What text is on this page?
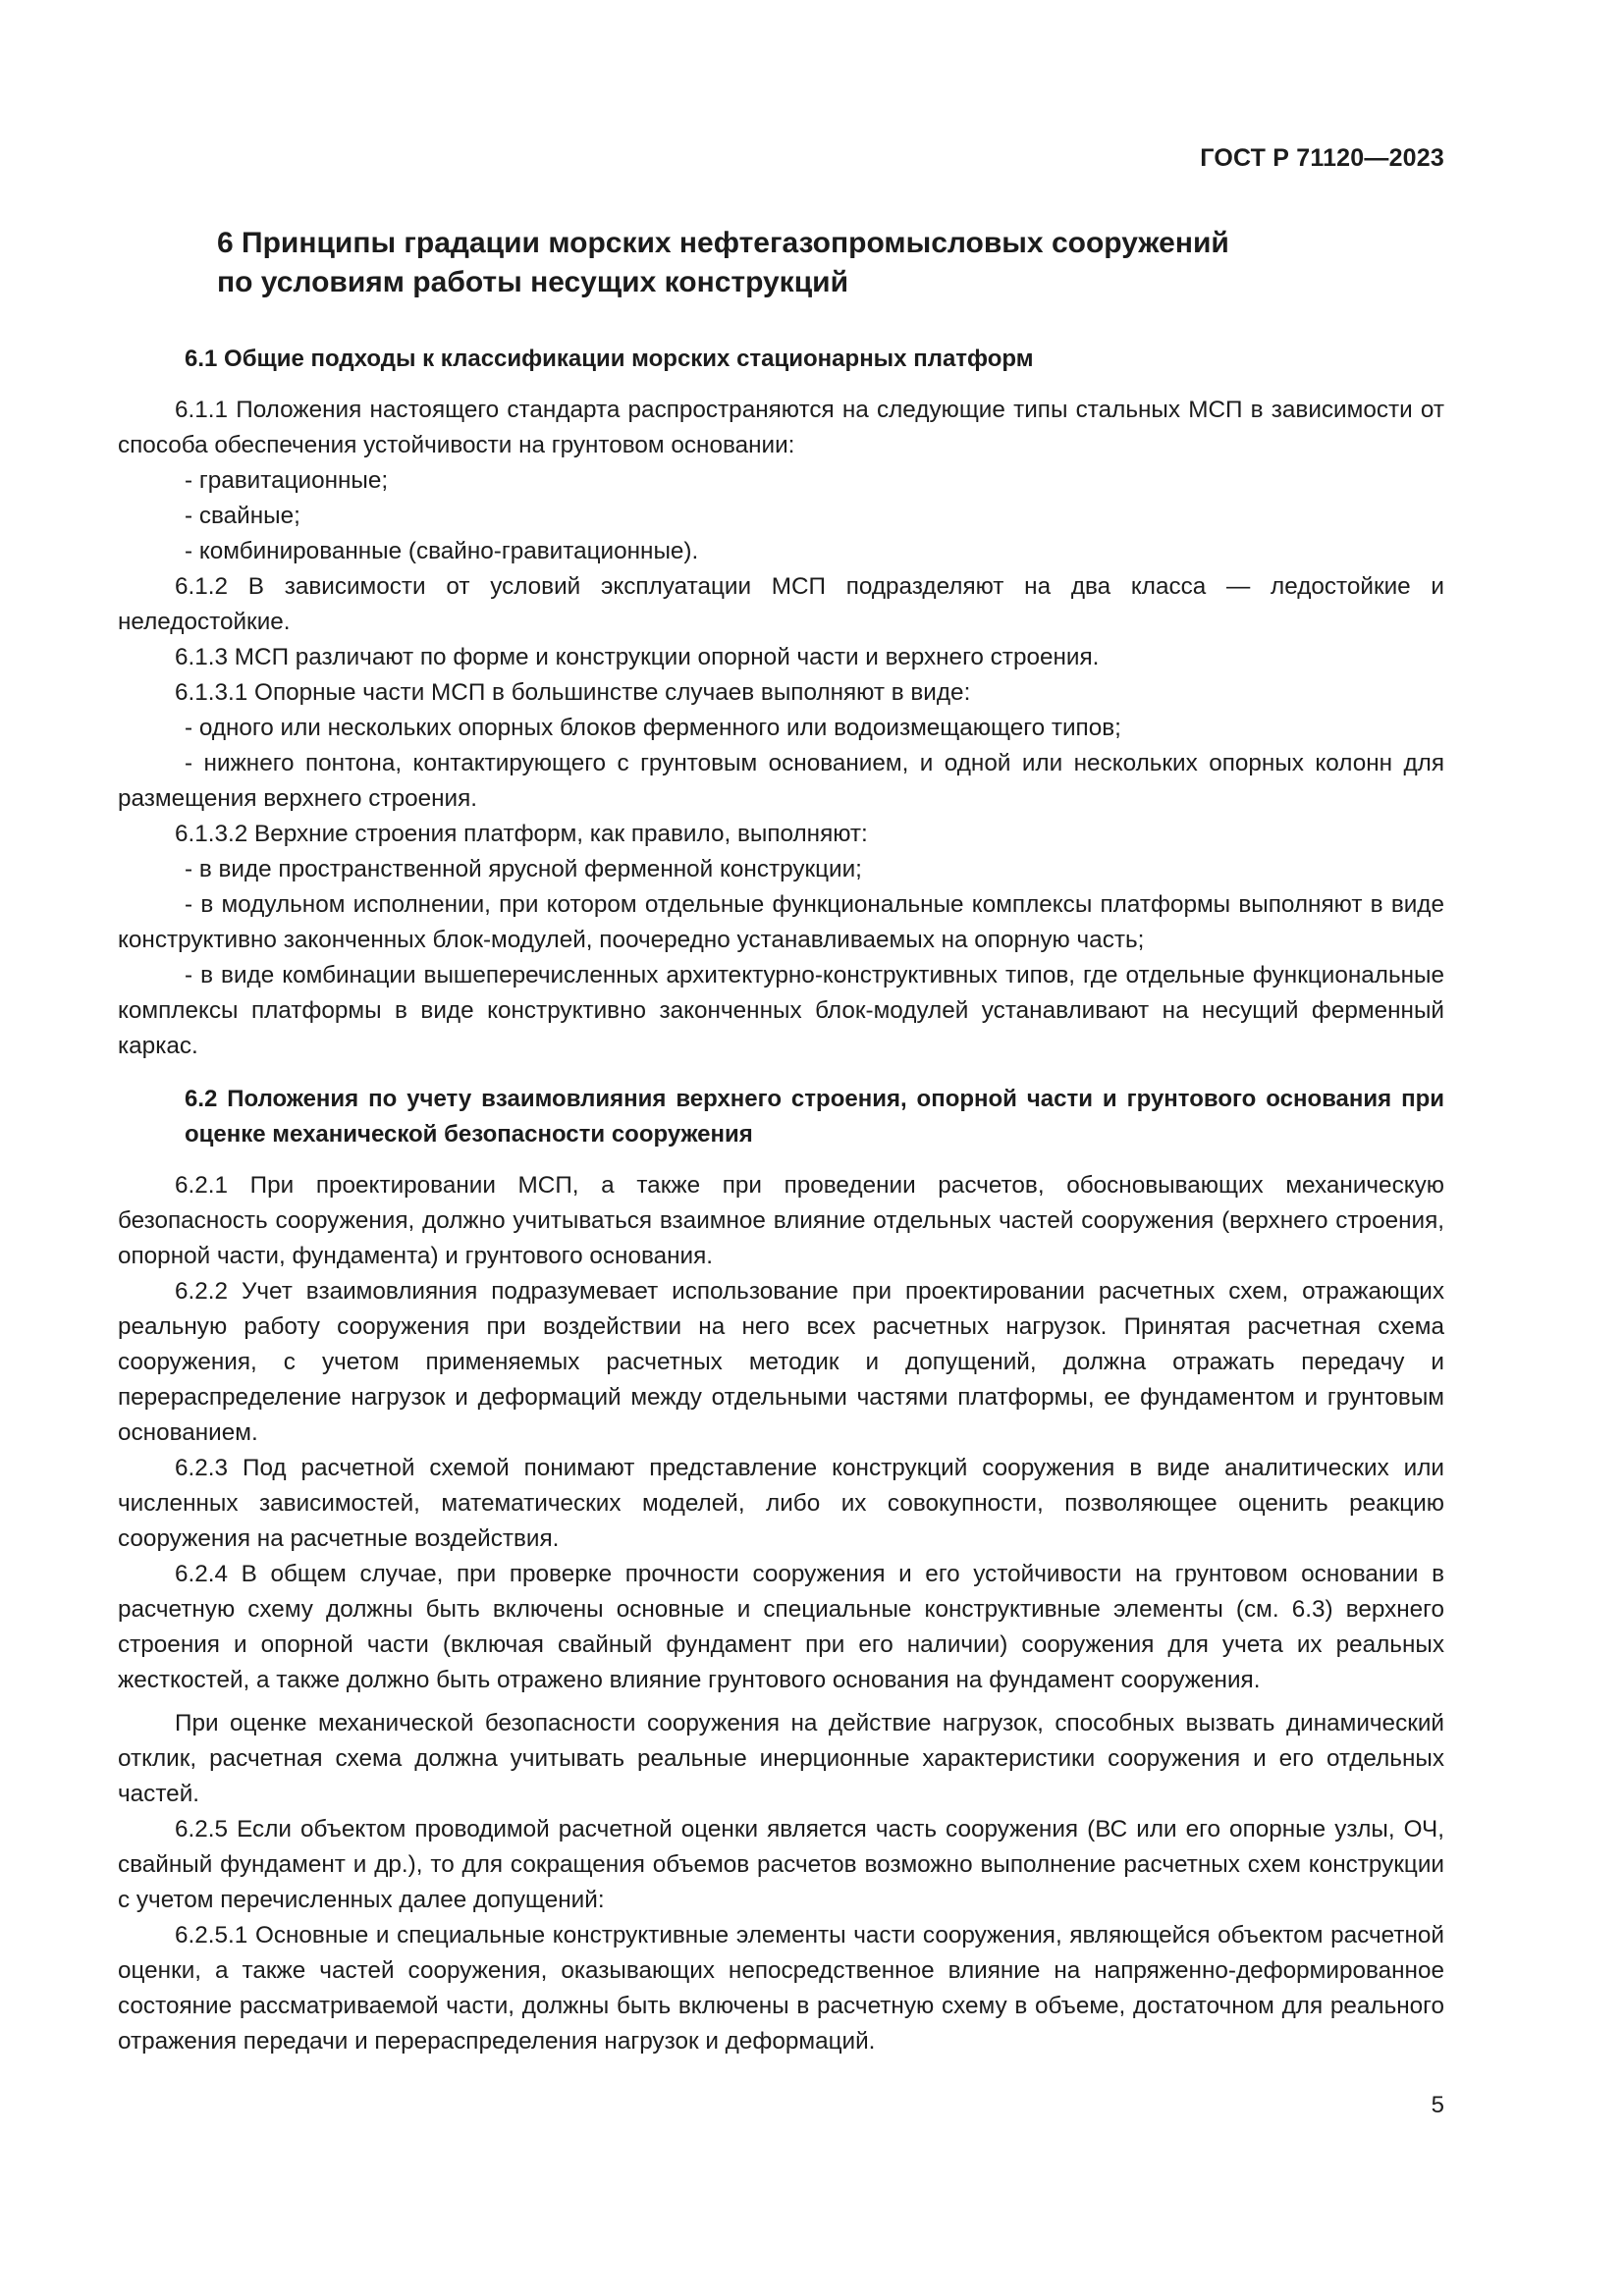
ГОСТ Р 71120—2023
6 Принципы градации морских нефтегазопромысловых сооружений
по условиям работы несущих конструкций
6.1 Общие подходы к классификации морских стационарных платформ

6.1.1 Положения настоящего стандарта распространяются на следующие типы стальных МСП в зависимости от способа обеспечения устойчивости на грунтовом основании:

- гравитационные;

- свайные;

- комбинированные (свайно-гравитационные).

6.1.2 В зависимости от условий эксплуатации МСП подразделяют на два класса — ледостойкие и неледостойкие.

6.1.3 МСП различают по форме и конструкции опорной части и верхнего строения.

6.1.3.1 Опорные части МСП в большинстве случаев выполняют в виде:

- одного или нескольких опорных блоков ферменного или водоизмещающего типов;

- нижнего понтона, контактирующего с грунтовым основанием, и одной или нескольких опорных колонн для размещения верхнего строения.

6.1.3.2 Верхние строения платформ, как правило, выполняют:

- в виде пространственной ярусной ферменной конструкции;

- в модульном исполнении, при котором отдельные функциональные комплексы платформы выполняют в виде конструктивно законченных блок-модулей, поочередно устанавливаемых на опорную часть;

- в виде комбинации вышеперечисленных архитектурно-конструктивных типов, где отдельные функциональные комплексы платформы в виде конструктивно законченных блок-модулей устанавливают на несущий ферменный каркас.

6.2 Положения по учету взаимовлияния верхнего строения, опорной части и грунтового основания при оценке механической безопасности сооружения

6.2.1 При проектировании МСП, а также при проведении расчетов, обосновывающих механическую безопасность сооружения, должно учитываться взаимное влияние отдельных частей сооружения (верхнего строения, опорной части, фундамента) и грунтового основания.

6.2.2 Учет взаимовлияния подразумевает использование при проектировании расчетных схем, отражающих реальную работу сооружения при воздействии на него всех расчетных нагрузок. Принятая расчетная схема сооружения, с учетом применяемых расчетных методик и допущений, должна отражать передачу и перераспределение нагрузок и деформаций между отдельными частями платформы, ее фундаментом и грунтовым основанием.

6.2.3 Под расчетной схемой понимают представление конструкций сооружения в виде аналитических или численных зависимостей, математических моделей, либо их совокупности, позволяющее оценить реакцию сооружения на расчетные воздействия.

6.2.4 В общем случае, при проверке прочности сооружения и его устойчивости на грунтовом основании в расчетную схему должны быть включены основные и специальные конструктивные элементы (см. 6.3) верхнего строения и опорной части (включая свайный фундамент при его наличии) сооружения для учета их реальных жесткостей, а также должно быть отражено влияние грунтового основания на фундамент сооружения.

При оценке механической безопасности сооружения на действие нагрузок, способных вызвать динамический отклик, расчетная схема должна учитывать реальные инерционные характеристики сооружения и его отдельных частей.

6.2.5 Если объектом проводимой расчетной оценки является часть сооружения (ВС или его опорные узлы, ОЧ, свайный фундамент и др.), то для сокращения объемов расчетов возможно выполнение расчетных схем конструкции с учетом перечисленных далее допущений:

6.2.5.1 Основные и специальные конструктивные элементы части сооружения, являющейся объектом расчетной оценки, а также частей сооружения, оказывающих непосредственное влияние на напряженно-деформированное состояние рассматриваемой части, должны быть включены в расчетную схему в объеме, достаточном для реального отражения передачи и перераспределения нагрузок и деформаций.

5
